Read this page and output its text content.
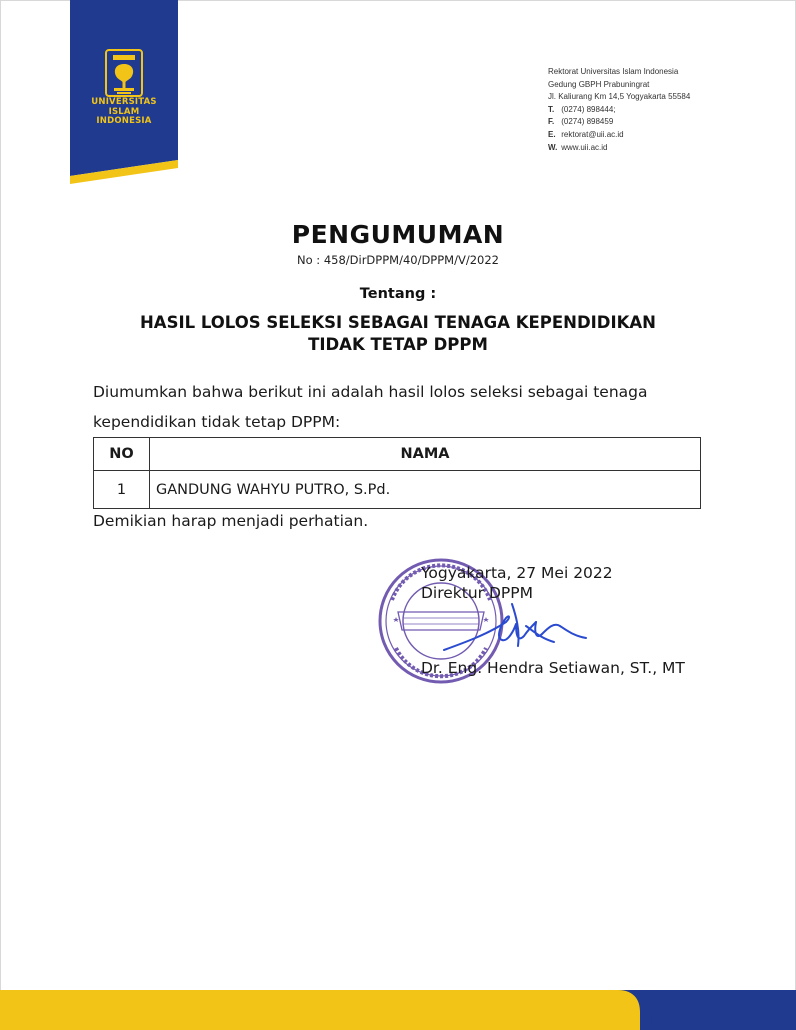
UNIVERSITAS
ISLAM
INDONESIA
Rektorat Universitas Islam Indonesia
Gedung GBPH Prabuningrat
Jl. Kaliurang Km 14,5 Yogyakarta 55584
T. (0274) 898444;
F. (0274) 898459
E. rektorat@uii.ac.id
W. www.uii.ac.id
PENGUMUMAN
No : 458/DirDPPM/40/DPPM/V/2022
Tentang :
HASIL LOLOS SELEKSI SEBAGAI TENAGA KEPENDIDIKAN
TIDAK TETAP DPPM
Diumumkan bahwa berikut ini adalah hasil lolos seleksi sebagai tenaga kependidikan tidak tetap DPPM:
NO	NAMA
1	GANDUNG WAHYU PUTRO, S.Pd.
Demikian harap menjadi perhatian.
Yogyakarta, 27 Mei 2022
Direktur DPPM
Dr. Eng. Hendra Setiawan, ST., MT
